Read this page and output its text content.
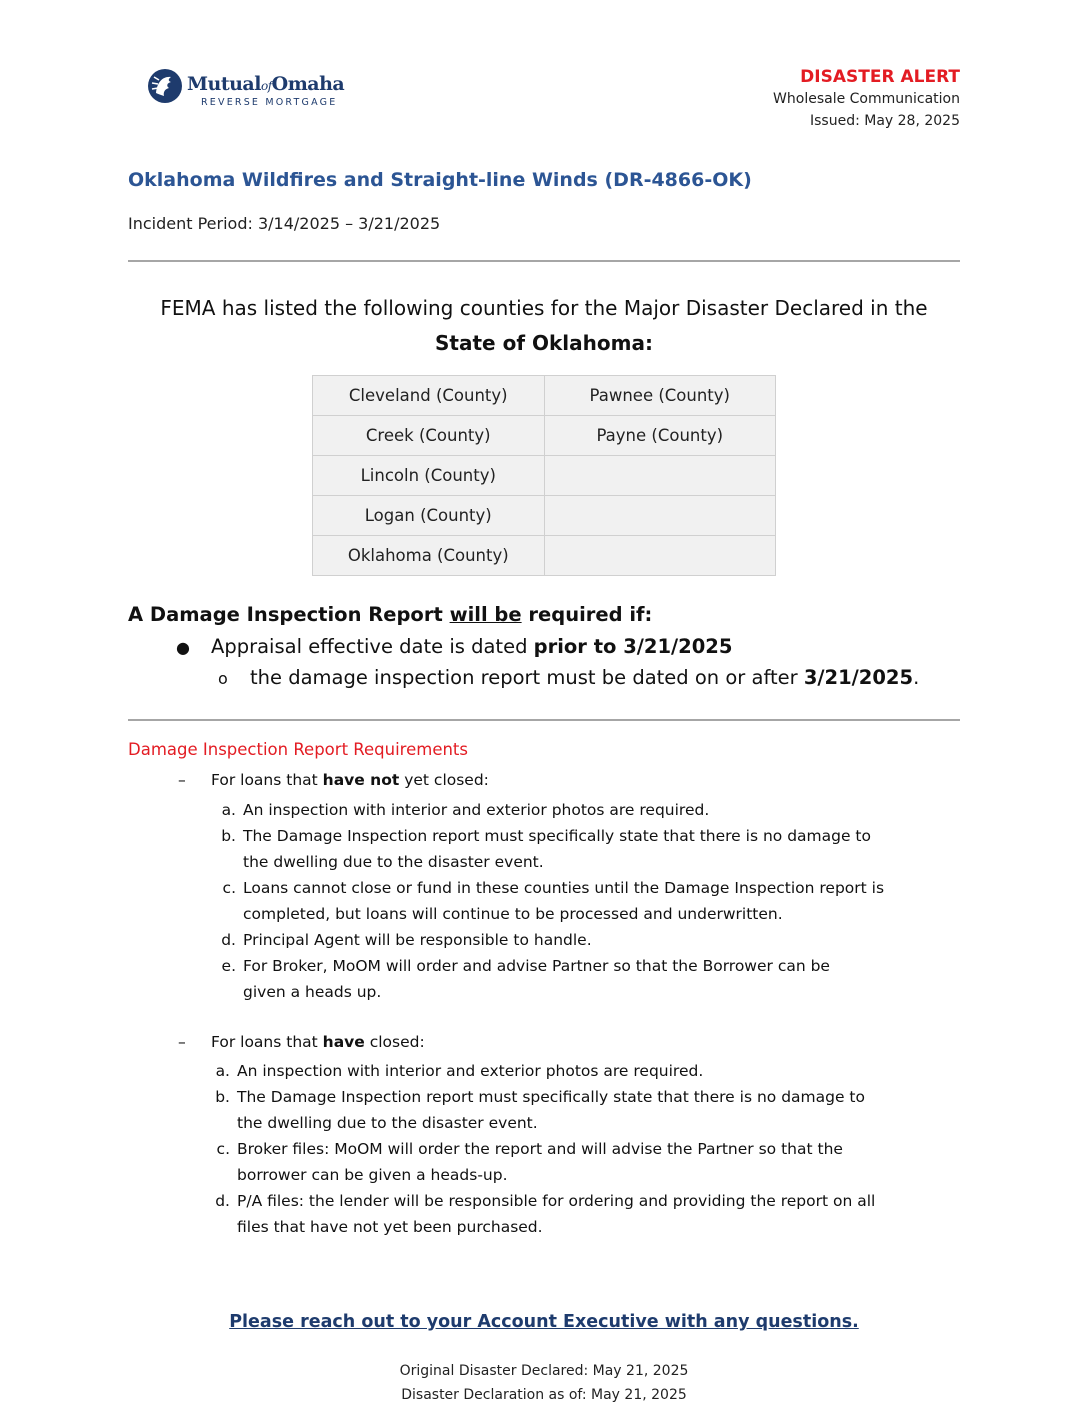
MutualofOmaha
REVERSE MORTGAGE
DISASTER ALERT
Wholesale Communication
Issued: May 28, 2025
Oklahoma Wildfires and Straight-line Winds (DR-4866-OK)
Incident Period: 3/14/2025 – 3/21/2025
FEMA has listed the following counties for the Major Disaster Declared in the
State of Oklahoma:
Cleveland (County)	Pawnee (County)
Creek (County)	Payne (County)
Lincoln (County)	
Logan (County)	
Oklahoma (County)	
A Damage Inspection Report will be required if:
● Appraisal effective date is dated prior to 3/21/2025
o the damage inspection report must be dated on or after 3/21/2025.
Damage Inspection Report Requirements
– For loans that have not yet closed:
a. An inspection with interior and exterior photos are required.
b. The Damage Inspection report must specifically state that there is no damage to
the dwelling due to the disaster event.
c. Loans cannot close or fund in these counties until the Damage Inspection report is
completed, but loans will continue to be processed and underwritten.
d. Principal Agent will be responsible to handle.
e. For Broker, MoOM will order and advise Partner so that the Borrower can be
given a heads up.
– For loans that have closed:
a. An inspection with interior and exterior photos are required.
b. The Damage Inspection report must specifically state that there is no damage to
the dwelling due to the disaster event.
c. Broker files: MoOM will order the report and will advise the Partner so that the
borrower can be given a heads-up.
d. P/A files: the lender will be responsible for ordering and providing the report on all
files that have not yet been purchased.
Please reach out to your Account Executive with any questions.
Original Disaster Declared: May 21, 2025
Disaster Declaration as of: May 21, 2025
